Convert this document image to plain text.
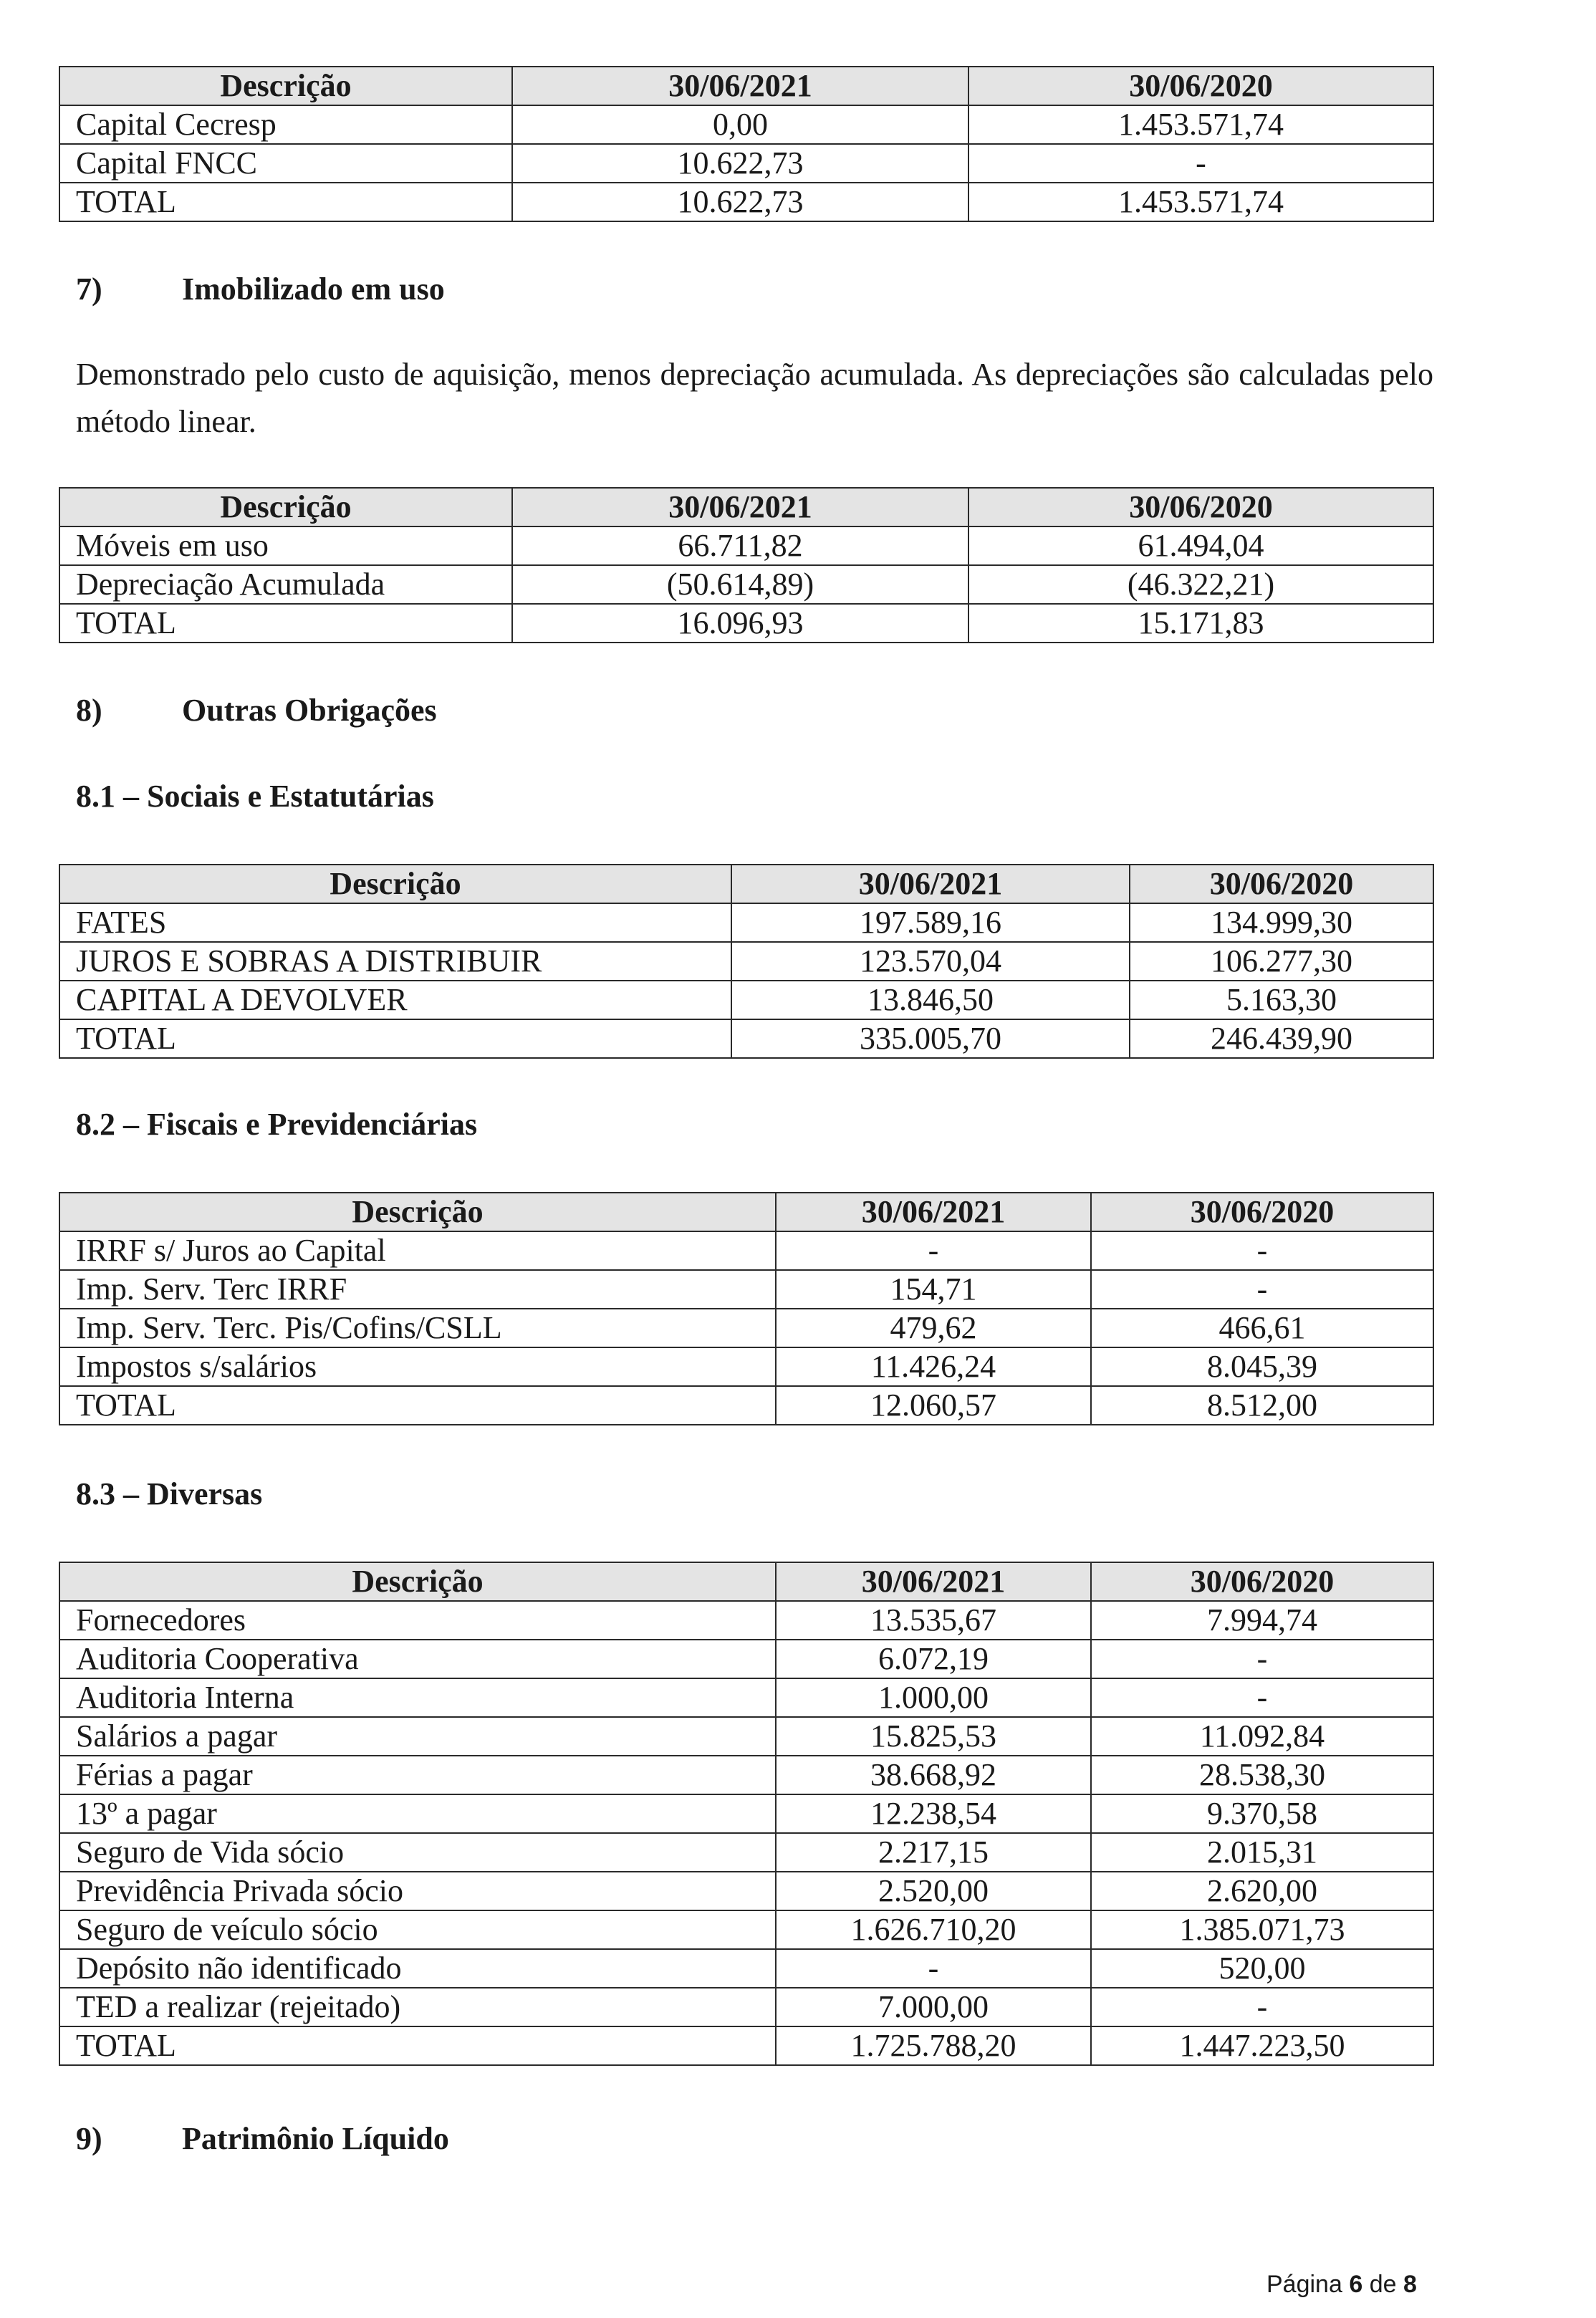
Descrição	30/06/2021	30/06/2020
Capital Cecresp	0,00	1.453.571,74
Capital FNCC	10.622,73	-
TOTAL	10.622,73	1.453.571,74
7)	Imobilizado em uso

Demonstrado pelo custo de aquisição, menos depreciação acumulada. As depreciações são calculadas pelo método linear.

Descrição	30/06/2021	30/06/2020
Móveis em uso	66.711,82	61.494,04
Depreciação Acumulada	(50.614,89)	(46.322,21)
TOTAL	16.096,93	15.171,83
8)	Outras Obrigações
8.1 – Sociais e Estatutárias
Descrição	30/06/2021	30/06/2020
FATES	197.589,16	134.999,30
JUROS E SOBRAS A DISTRIBUIR	123.570,04	106.277,30
CAPITAL A DEVOLVER	13.846,50	5.163,30
TOTAL	335.005,70	246.439,90
8.2 – Fiscais e Previdenciárias
Descrição	30/06/2021	30/06/2020
IRRF s/ Juros ao Capital	-	-
Imp. Serv. Terc IRRF	154,71	-
Imp. Serv. Terc. Pis/Cofins/CSLL	479,62	466,61
Impostos s/salários	11.426,24	8.045,39
TOTAL	12.060,57	8.512,00
8.3 – Diversas
Descrição	30/06/2021	30/06/2020
Fornecedores	13.535,67	7.994,74
Auditoria Cooperativa	6.072,19	-
Auditoria Interna	1.000,00	-
Salários a pagar	15.825,53	11.092,84
Férias a pagar	38.668,92	28.538,30
13º a pagar	12.238,54	9.370,58
Seguro de Vida sócio	2.217,15	2.015,31
Previdência Privada sócio	2.520,00	2.620,00
Seguro de veículo sócio	1.626.710,20	1.385.071,73
Depósito não identificado	-	520,00
TED a realizar (rejeitado)	7.000,00	-
TOTAL	1.725.788,20	1.447.223,50
9)	Patrimônio Líquido
Página 6 de 8
